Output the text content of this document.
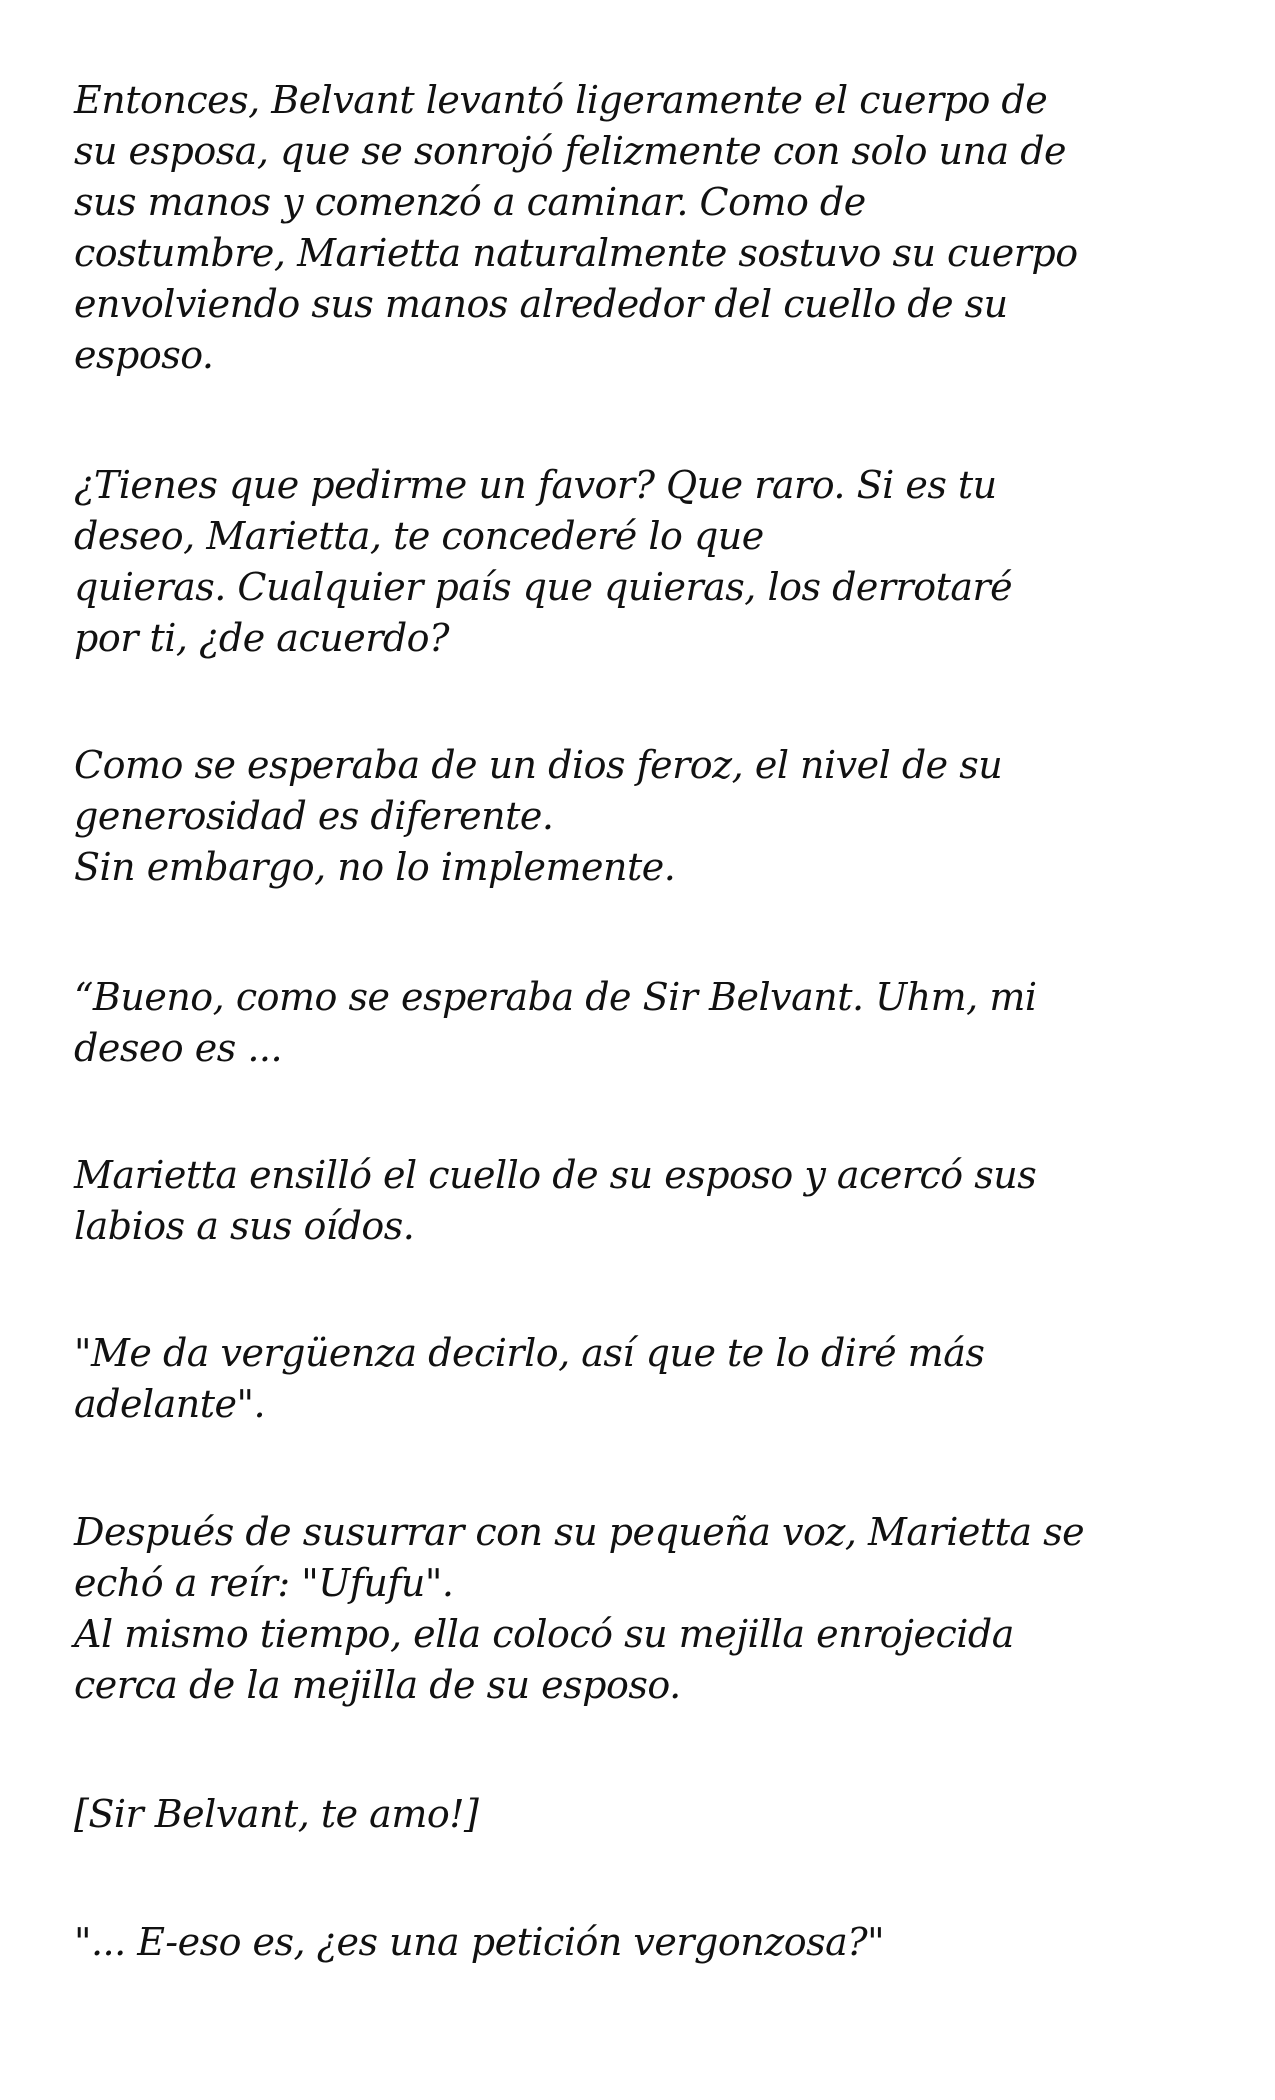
Entonces, Belvant levantó ligeramente el cuerpo de
su esposa, que se sonrojó felizmente con solo una de
sus manos y comenzó a caminar. Como de
costumbre, Marietta naturalmente sostuvo su cuerpo
envolviendo sus manos alrededor del cuello de su
esposo.

¿Tienes que pedirme un favor? Que raro. Si es tu
deseo, Marietta, te concederé lo que
quieras. Cualquier país que quieras, los derrotaré
por ti, ¿de acuerdo?

Como se esperaba de un dios feroz, el nivel de su
generosidad es diferente.
Sin embargo, no lo implemente.

“Bueno, como se esperaba de Sir Belvant. Uhm, mi
deseo es ...

Marietta ensilló el cuello de su esposo y acercó sus
labios a sus oídos.

"Me da vergüenza decirlo, así que te lo diré más
adelante".

Después de susurrar con su pequeña voz, Marietta se
echó a reír: "Ufufu".
Al mismo tiempo, ella colocó su mejilla enrojecida
cerca de la mejilla de su esposo.

[Sir Belvant, te amo!]

"... E-eso es, ¿es una petición vergonzosa?"
